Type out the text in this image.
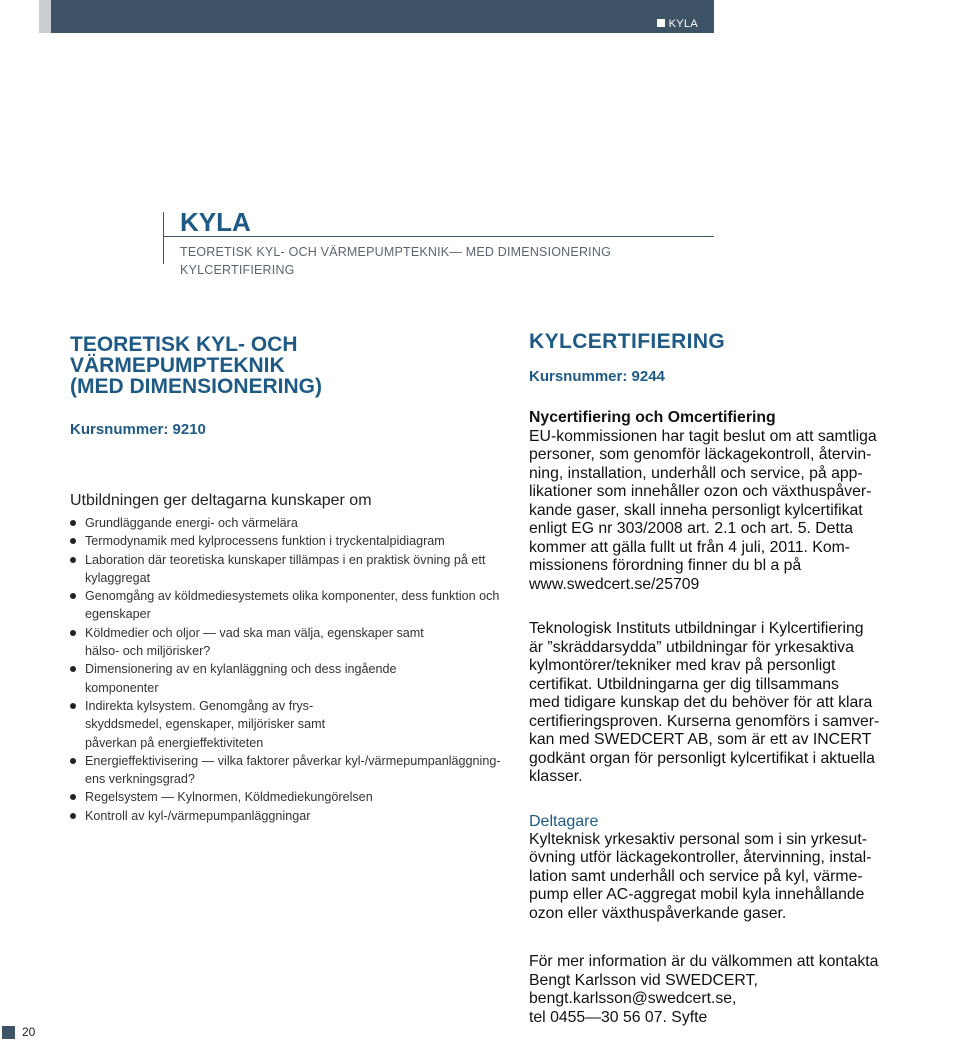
KYLA
KYLA
TEORETISK KYL- OCH VÄRMEPUMPTEKNIK— MED DIMENSIONERING
KYLCERTIFIERING
TEORETISK KYL- OCH
VÄRMEPUMPTEKNIK
(MED DIMENSIONERING)
Kursnummer: 9210
Utbildningen ger deltagarna kunskaper om
Grundläggande energi- och värmelära
Termodynamik med kylprocessens funktion i tryckentalpidiagram
Laboration där teoretiska kunskaper tillämpas i en praktisk övning på ett
kylaggregat
Genomgång av köldmediesystemets olika komponenter, dess funktion och
egenskaper
Köldmedier och oljor — vad ska man välja, egenskaper samt
hälso- och miljörisker?
Dimensionering av en kylanläggning och dess ingående
komponenter
Indirekta kylsystem. Genomgång av frys-
skyddsmedel, egenskaper, miljörisker samt
påverkan på energieffektiviteten
Energieffektivisering — vilka faktorer påverkar kyl-/värmepumpanläggning-
ens verkningsgrad?
Regelsystem — Kylnormen, Köldmediekungörelsen
Kontroll av kyl-/värmepumpanläggningar
KYLCERTIFIERING
Kursnummer: 9244
Nycertifiering och Omcertifiering
EU-kommissionen har tagit beslut om att samtliga
personer, som genomför läckagekontroll, återvin-
ning, installation, underhåll och service, på app-
likationer som innehåller ozon och växthuspåver-
kande gaser, skall inneha personligt kylcertifikat
enligt EG nr 303/2008 art. 2.1 och art. 5. Detta
kommer att gälla fullt ut från 4 juli, 2011. Kom-
missionens förordning finner du bl a på
www.swedcert.se/25709
Teknologisk Instituts utbildningar i Kylcertifiering
är ”skräddarsydda” utbildningar för yrkesaktiva
kylmontörer/tekniker med krav på personligt
certifikat. Utbildningarna ger dig tillsammans
med tidigare kunskap det du behöver för att klara
certifieringsproven. Kurserna genomförs i samver-
kan med SWEDCERT AB, som är ett av INCERT
godkänt organ för personligt kylcertifikat i aktuella
klasser.
Deltagare
Kylteknisk yrkesaktiv personal som i sin yrkesut-
övning utför läckagekontroller, återvinning, instal-
lation samt underhåll och service på kyl, värme-
pump eller AC-aggregat mobil kyla innehållande
ozon eller växthuspåverkande gaser.
För mer information är du välkommen att kontakta
Bengt Karlsson vid SWEDCERT,
bengt.karlsson@swedcert.se,
tel 0455—30 56 07. Syfte
20
